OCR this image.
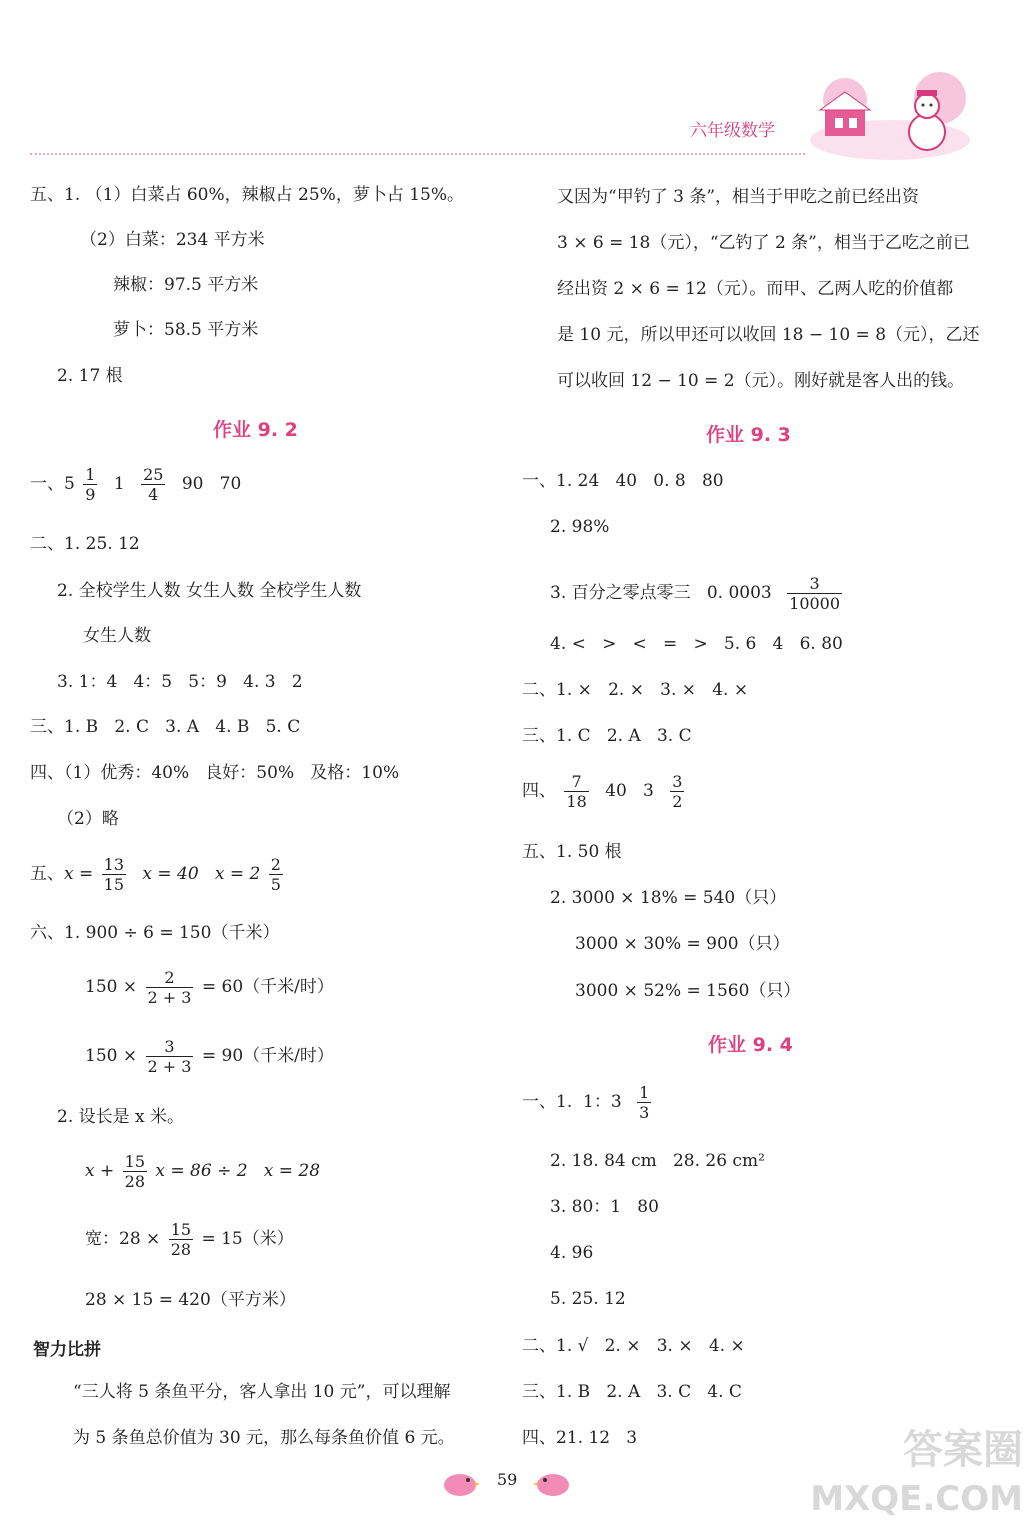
六年级数学
五、1. （1）白菜占 60%，辣椒占 25%，萝卜占 15%。
（2）白菜：234 平方米
辣椒：97.5 平方米
萝卜：58.5 平方米
2. 17 根
作业 9. 2
一、$5 \frac{1}{9} 1 \frac{25}{4} 90$   70
二、1. 25. 12
2. 全校学生人数 女生人数 全校学生人数
女生人数
3. 1：4   4：5   5：9   4. 3   2
三、1. B   2. C   3. A   4. B   5. C
四、（1）优秀：40%   良好：50%   及格：10%
（2）略
五、$x = \frac{13}{15}$ x = 40   $x = 2 \frac{2}{5}$
六、1. 900 ÷ 6 = 150（千米）
$150 \times \frac{2}{2 + 3} = 60$（千米/时）
$150 \times \frac{3}{2 + 3} = 90$（千米/时）
2. 设长是 x 米。
$x + \frac{15}{28}$ x = 86 ÷ 2   x = 28
宽：$28 \times \frac{15}{28} = 15$（米）
28 × 15 = 420（平方米）
智力比拼
“三人将 5 条鱼平分，客人拿出 10 元”，可以理解
为 5 条鱼总价值为 30 元，那么每条鱼价值 6 元。
又因为“甲钓了 3 条”，相当于甲吃之前已经出资
3 × 6 = 18（元），“乙钓了 2 条”，相当于乙吃之前已
经出资 2 × 6 = 12（元）。而甲、乙两人吃的价值都
是 10 元，所以甲还可以收回 18 − 10 = 8（元），乙还
可以收回 12 − 10 = 2（元）。刚好就是客人出的钱。
作业 9. 3
一、1. 24   40   0. 8   80
2. 98%
3. 百分之零点零三   0. $0003 \frac{3}{10000}$
4. <   >   <   =   >   5. 6   4   6. 80
二、1. ×   2. ×   3. ×   4. ×
三、1. C   2. A   3. C
四、 $\frac{7}{18} 40$   $3 \frac{3}{2}$
五、1. 50 根
2. 3000 × 18% = 540（只）
3000 × 30% = 900（只）
3000 × 52% = 1560（只）
作业 9. 4
一、1.  1：$3 \frac{1}{3}$
2. 18. 84 cm   28. 26 cm²
3. 80：1   80
4. 96
5. 25. 12
二、1. √   2. ×   3. ×   4. ×
三、1. B   2. A   3. C   4. C
四、21. 12   3
59
答案圈
MXQE.COM
